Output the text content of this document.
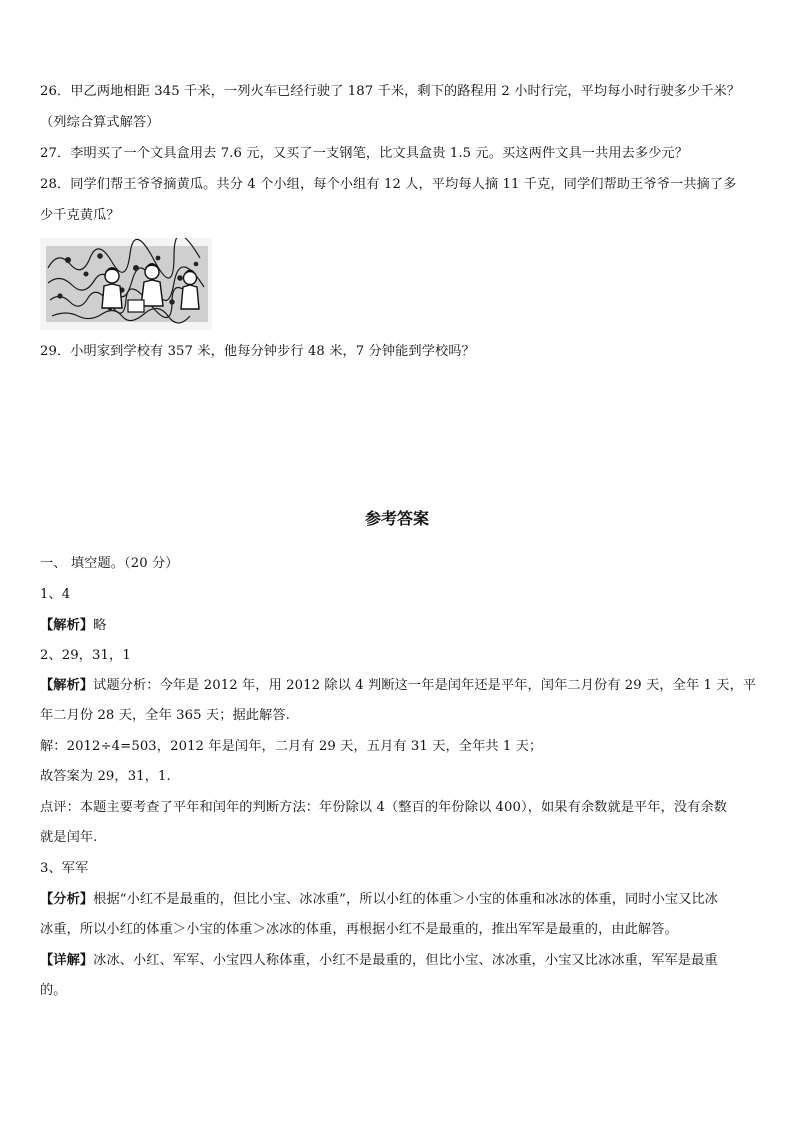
26．甲乙两地相距 345 千米，一列火车已经行驶了 187 千米，剩下的路程用 2 小时行完，平均每小时行驶多少千米？
（列综合算式解答）
27．李明买了一个文具盒用去 7.6 元，又买了一支钢笔，比文具盒贵 1.5 元。买这两件文具一共用去多少元？
28．同学们帮王爷爷摘黄瓜。共分 4 个小组，每个小组有 12 人，平均每人摘 11 千克，同学们帮助王爷爷一共摘了多
少千克黄瓜？
29．小明家到学校有 357 米，他每分钟步行 48 米，7 分钟能到学校吗？
参考答案
一、 填空题。（20 分）
1、4
【解析】略
2、29，31，1
【解析】试题分析：今年是 2012 年，用 2012 除以 4 判断这一年是闰年还是平年，闰年二月份有 29 天，全年 1 天，平
年二月份 28 天，全年 365 天；据此解答.
解：2012÷4=503，2012 年是闰年，二月有 29 天，五月有 31 天，全年共 1 天；
故答案为 29，31，1.
点评：本题主要考查了平年和闰年的判断方法：年份除以 4（整百的年份除以 400），如果有余数就是平年，没有余数
就是闰年.
3、军军
【分析】根据“小红不是最重的，但比小宝、冰冰重”，所以小红的体重＞小宝的体重和冰冰的体重，同时小宝又比冰
冰重，所以小红的体重＞小宝的体重＞冰冰的体重，再根据小红不是最重的，推出军军是最重的，由此解答。
【详解】冰冰、小红、军军、小宝四人称体重，小红不是最重的，但比小宝、冰冰重，小宝又比冰冰重，军军是最重
的。
